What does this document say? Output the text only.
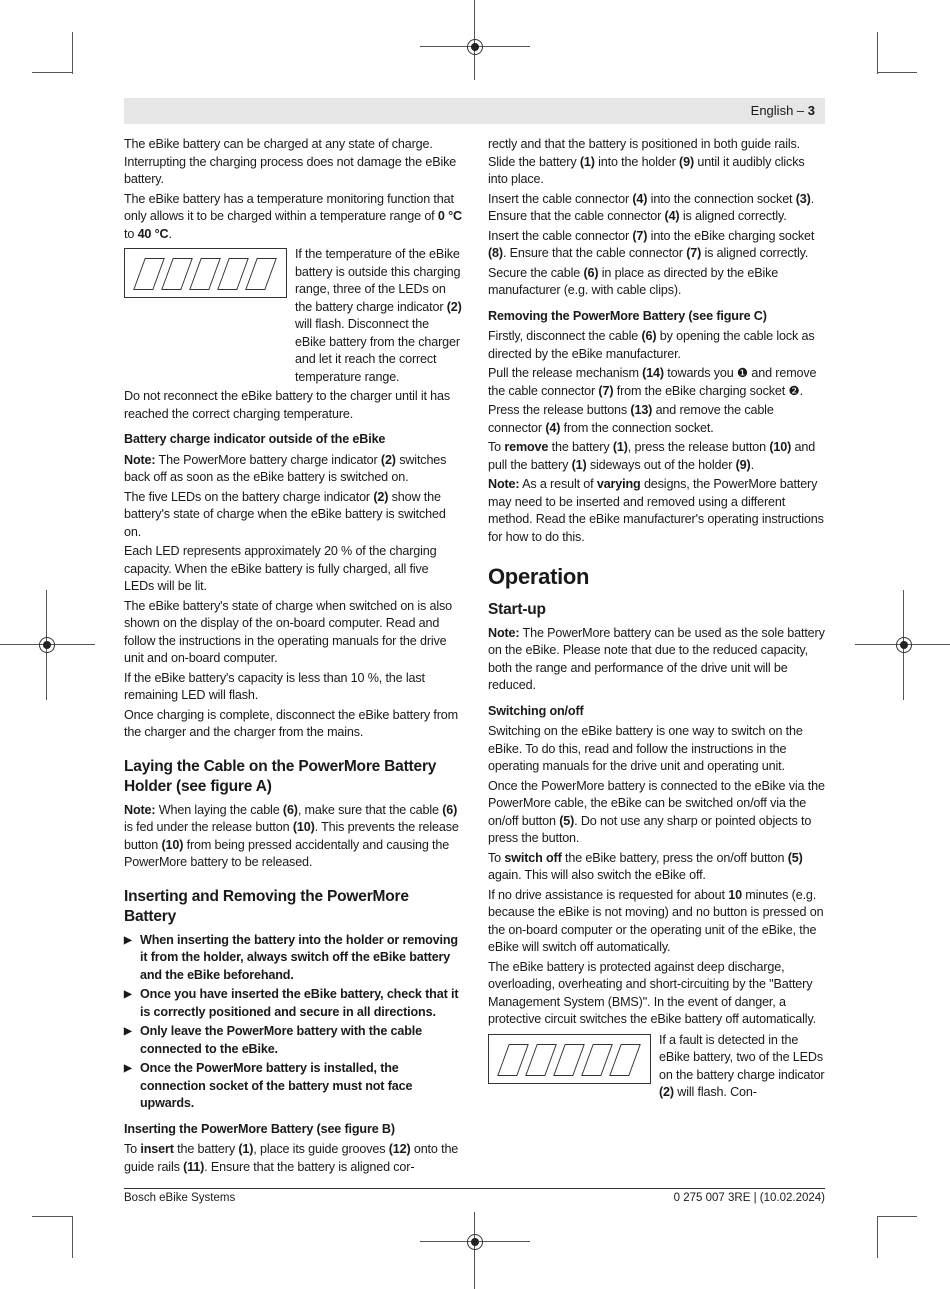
English – 3

The eBike battery can be charged at any state of charge. Interrupting the charging process does not damage the eBike battery.

The eBike battery has a temperature monitoring function that only allows it to be charged within a temperature range of 0 °C to 40 °C.

If the temperature of the eBike battery is outside this charging range, three of the LEDs on the battery charge indicator (2) will flash. Disconnect the eBike battery from the charger and let it reach the correct temperature range.

Do not reconnect the eBike battery to the charger until it has reached the correct charging temperature.

Battery charge indicator outside of the eBike

Note: The PowerMore battery charge indicator (2) switches back off as soon as the eBike battery is switched on.

The five LEDs on the battery charge indicator (2) show the battery's state of charge when the eBike battery is switched on.

Each LED represents approximately 20 % of the charging capacity. When the eBike battery is fully charged, all five LEDs will be lit.

The eBike battery's state of charge when switched on is also shown on the display of the on-board computer. Read and follow the instructions in the operating manuals for the drive unit and on-board computer.

If the eBike battery's capacity is less than 10 %, the last remaining LED will flash.

Once charging is complete, disconnect the eBike battery from the charger and the charger from the mains.

Laying the Cable on the PowerMore Battery Holder (see figure A)

Note: When laying the cable (6), make sure that the cable (6) is fed under the release button (10). This prevents the release button (10) from being pressed accidentally and causing the PowerMore battery to be released.

Inserting and Removing the PowerMore Battery

▶ When inserting the battery into the holder or removing it from the holder, always switch off the eBike battery and the eBike beforehand.

▶ Once you have inserted the eBike battery, check that it is correctly positioned and secure in all directions.

▶ Only leave the PowerMore battery with the cable connected to the eBike.

▶ Once the PowerMore battery is installed, the connection socket of the battery must not face upwards.

Inserting the PowerMore Battery (see figure B)

To insert the battery (1), place its guide grooves (12) onto the guide rails (11). Ensure that the battery is aligned cor-

rectly and that the battery is positioned in both guide rails. Slide the battery (1) into the holder (9) until it audibly clicks into place.

Insert the cable connector (4) into the connection socket (3). Ensure that the cable connector (4) is aligned correctly.

Insert the cable connector (7) into the eBike charging socket (8). Ensure that the cable connector (7) is aligned correctly.

Secure the cable (6) in place as directed by the eBike manufacturer (e.g. with cable clips).

Removing the PowerMore Battery (see figure C)

Firstly, disconnect the cable (6) by opening the cable lock as directed by the eBike manufacturer.

Pull the release mechanism (14) towards you ❶ and remove the cable connector (7) from the eBike charging socket ❷.

Press the release buttons (13) and remove the cable connector (4) from the connection socket.

To remove the battery (1), press the release button (10) and pull the battery (1) sideways out of the holder (9).

Note: As a result of varying designs, the PowerMore battery may need to be inserted and removed using a different method. Read the eBike manufacturer's operating instructions for how to do this.

Operation
Start-up

Note: The PowerMore battery can be used as the sole battery on the eBike. Please note that due to the reduced capacity, both the range and performance of the drive unit will be reduced.

Switching on/off

Switching on the eBike battery is one way to switch on the eBike. To do this, read and follow the instructions in the operating manuals for the drive unit and operating unit.

Once the PowerMore battery is connected to the eBike via the PowerMore cable, the eBike can be switched on/off via the on/off button (5). Do not use any sharp or pointed objects to press the button.

To switch off the eBike battery, press the on/off button (5) again. This will also switch the eBike off.

If no drive assistance is requested for about 10 minutes (e.g. because the eBike is not moving) and no button is pressed on the on-board computer or the operating unit of the eBike, the eBike will switch off automatically.

The eBike battery is protected against deep discharge, overloading, overheating and short-circuiting by the "Battery Management System (BMS)". In the event of danger, a protective circuit switches the eBike battery off automatically.

If a fault is detected in the eBike battery, two of the LEDs on the battery charge indicator (2) will flash. Con-
Bosch eBike Systems	0 275 007 3RE | (10.02.2024)
